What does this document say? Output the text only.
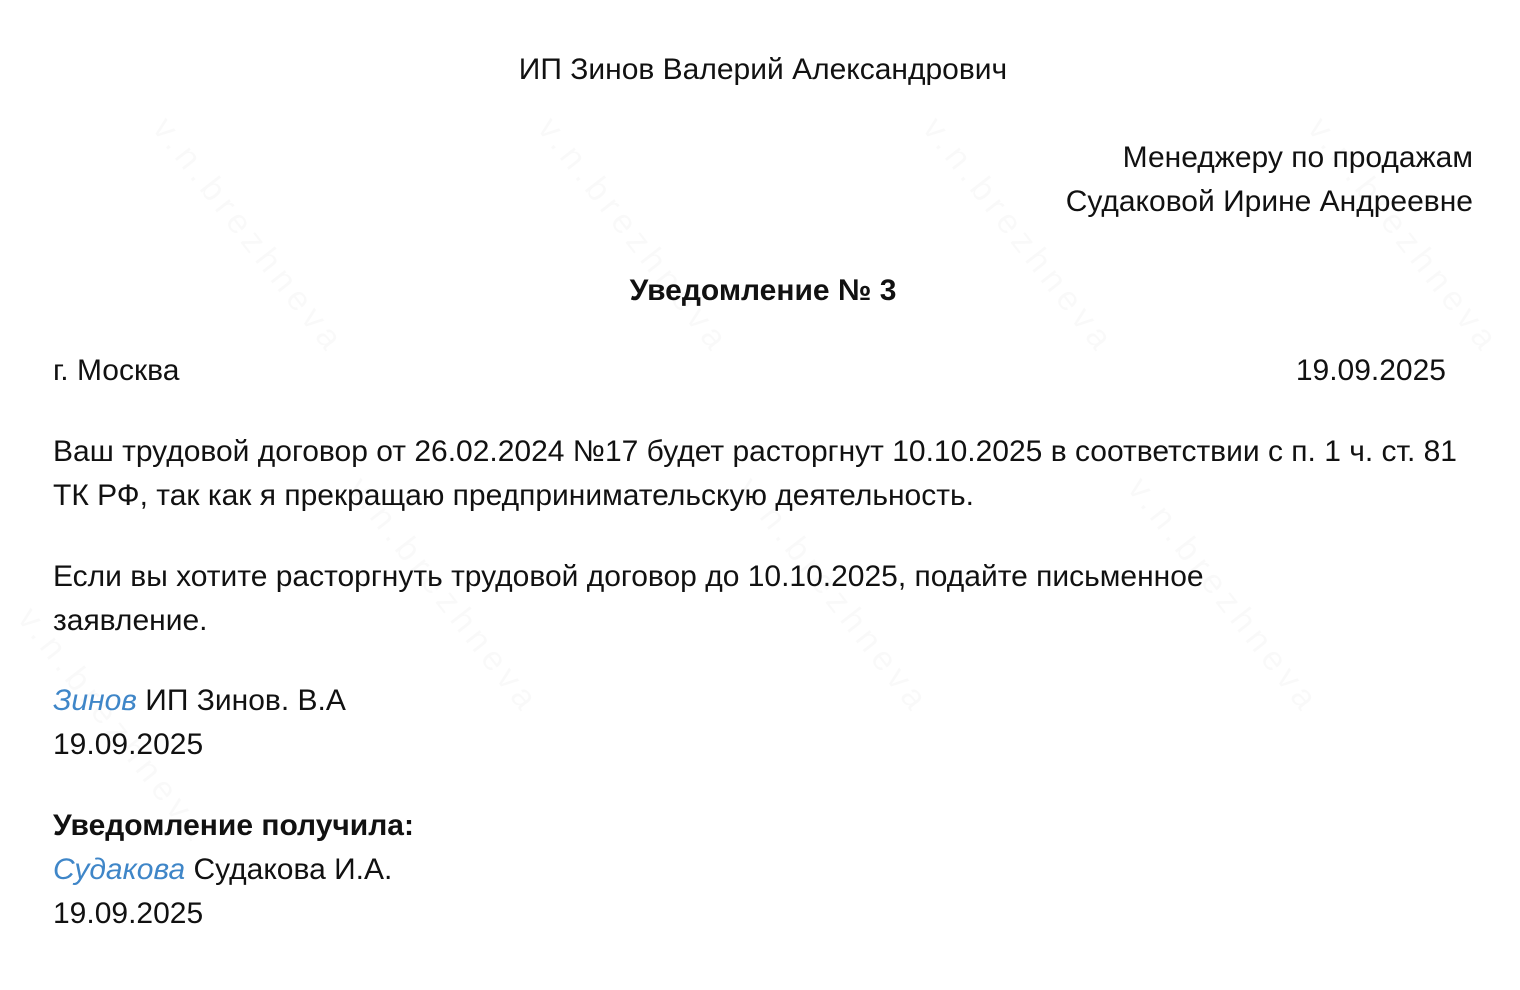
ИП Зинов Валерий Александрович
Менеджеру по продажам
Судаковой Ирине Андреевне
Уведомление № 3
г. Москва	19.09.2025
Ваш трудовой договор от 26.02.2024 №17 будет расторгнут 10.10.2025 в соответствии с п. 1 ч. ст. 81 ТК РФ, так как я прекращаю предпринимательскую деятельность.
Если вы хотите расторгнуть трудовой договор до 10.10.2025, подайте письменное заявление.
Зинов ИП Зинов. В.А
19.09.2025
Уведомление получила:
Судакова Судакова И.А.
19.09.2025
